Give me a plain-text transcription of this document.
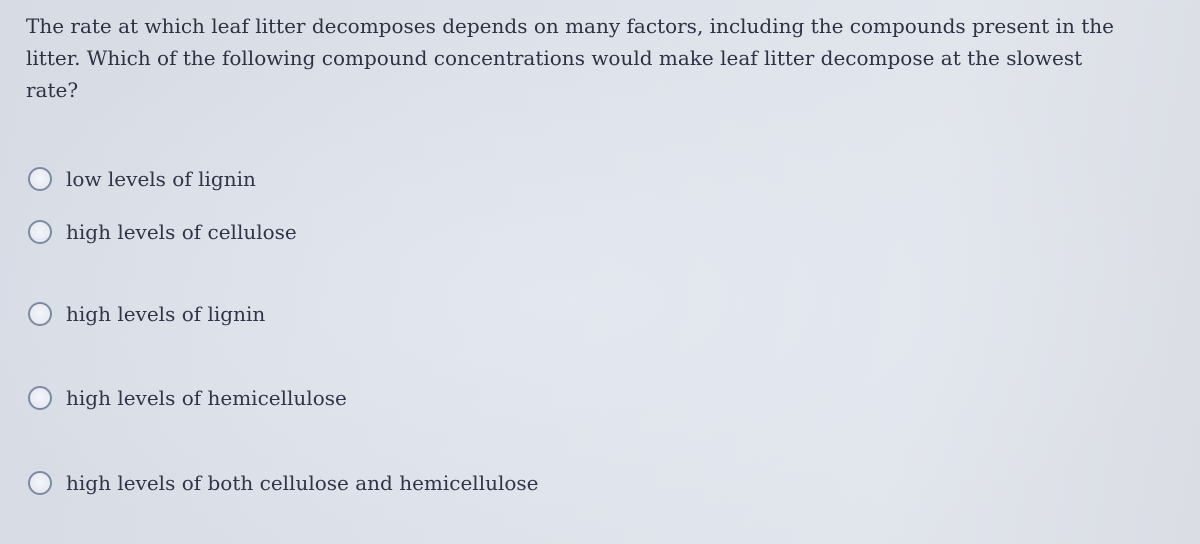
The rate at which leaf litter decomposes depends on many factors, including the compounds present in the litter. Which of the following compound concentrations would make leaf litter decompose at the slowest rate?

low levels of lignin
high levels of cellulose
high levels of lignin
high levels of hemicellulose
high levels of both cellulose and hemicellulose
